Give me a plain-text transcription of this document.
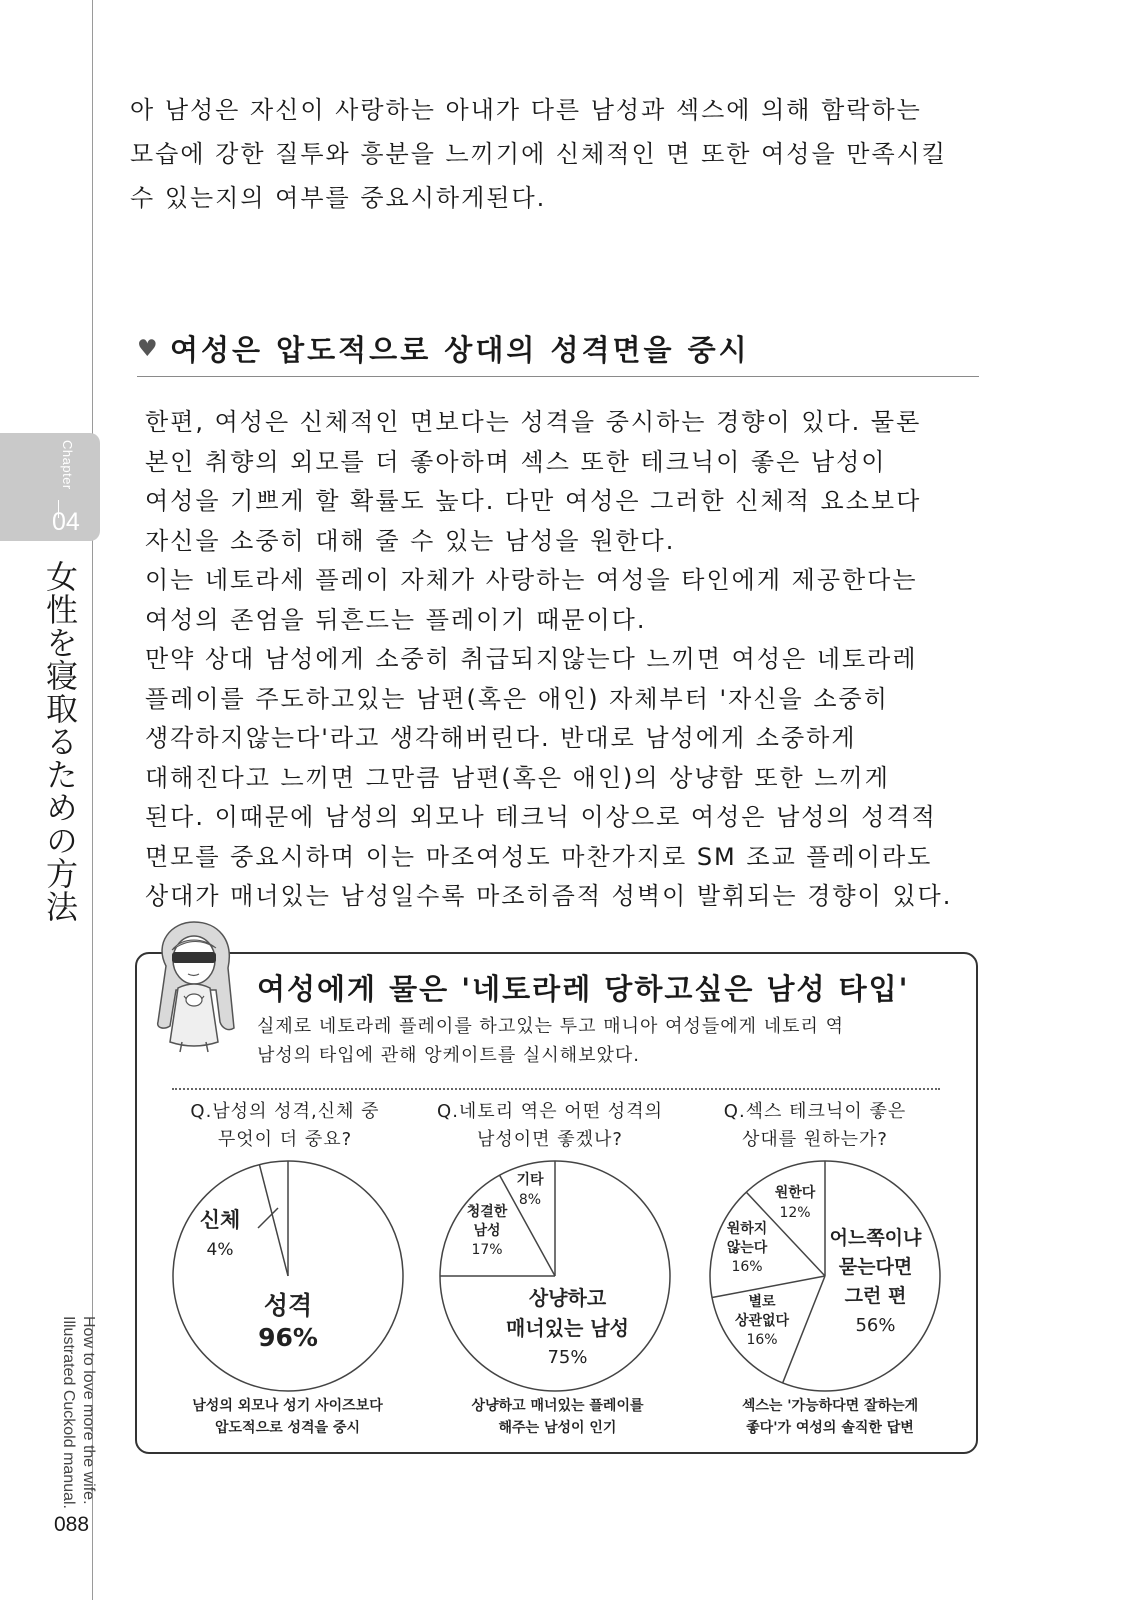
Chapter
04
女性を寝取るための方法
How to love more the wife.
Illustrated Cuckold manual.
088

아 남성은 자신이 사랑하는 아내가 다른 남성과 섹스에 의해 함락하는
모습에 강한 질투와 흥분을 느끼기에 신체적인 면 또한 여성을 만족시킬
수 있는지의 여부를 중요시하게된다.

♥ 여성은 압도적으로 상대의 성격면을 중시

한편, 여성은 신체적인 면보다는 성격을 중시하는 경향이 있다. 물론
본인 취향의 외모를 더 좋아하며 섹스 또한 테크닉이 좋은 남성이
여성을 기쁘게 할 확률도 높다. 다만 여성은 그러한 신체적 요소보다
자신을 소중히 대해 줄 수 있는 남성을 원한다.
이는 네토라세 플레이 자체가 사랑하는 여성을 타인에게 제공한다는
여성의 존엄을 뒤흔드는 플레이기 때문이다.
만약 상대 남성에게 소중히 취급되지않는다 느끼면 여성은 네토라레
플레이를 주도하고있는 남편(혹은 애인) 자체부터 '자신을 소중히
생각하지않는다'라고 생각해버린다. 반대로 남성에게 소중하게
대해진다고 느끼면 그만큼 남편(혹은 애인)의 상냥함 또한 느끼게
된다. 이때문에 남성의 외모나 테크닉 이상으로 여성은 남성의 성격적
면모를 중요시하며 이는 마조여성도 마찬가지로 SM 조교 플레이라도
상대가 매너있는 남성일수록 마조히즘적 성벽이 발휘되는 경향이 있다.

여성에게 물은 '네토라레 당하고싶은 남성 타입'
실제로 네토라레 플레이를 하고있는 투고 매니아 여성들에게 네토리 역
남성의 타입에 관해 앙케이트를 실시해보았다.
Q.남성의 성격,신체 중
무엇이 더 중요?
Q.네토리 역은 어떤 성격의
남성이면 좋겠나?
Q.섹스 테크닉이 좋은
상대를 원하는가?
신체
4%
성격
96%
기타
8%
청결한
남성
17%
상냥하고
매너있는 남성
75%
원한다
12%
원하지
않는다
16%
별로
상관없다
16%
어느쪽이냐
묻는다면
그런 편
56%
남성의 외모나 성기 사이즈보다
압도적으로 성격을 중시
상냥하고 매너있는 플레이를
해주는 남성이 인기
섹스는 '가능하다면 잘하는게
좋다'가 여성의 솔직한 답변
